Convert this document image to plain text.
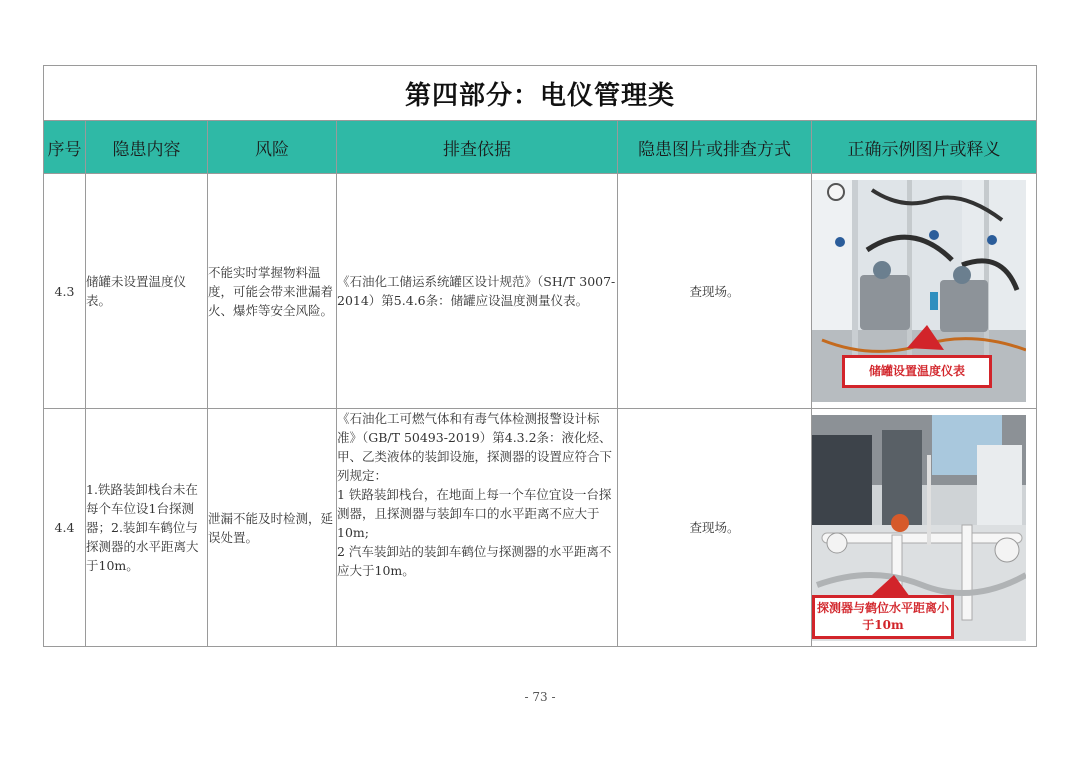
第四部分：电仪管理类					
序号	隐患内容	风险	排查依据	隐患图片或排查方式	正确示例图片或释义
4.3	储罐未设置温度仪表。	不能实时掌握物料温度，可能会带来泄漏着火、爆炸等安全风险。	《石油化工储运系统罐区设计规范》（SH/T 3007-2014）第5.4.6条：储罐应设温度测量仪表。	查现场。	储罐设置温度仪表

4.4	1.铁路装卸栈台未在每个车位设1台探测器；2.装卸车鹤位与探测器的水平距离大于10m。	泄漏不能及时检测，延误处置。	《石油化工可燃气体和有毒气体检测报警设计标准》（GB/T 50493-2019）第4.3.2条：液化烃、甲、乙类液体的装卸设施，探测器的设置应符合下列规定：
1 铁路装卸栈台，在地面上每一个车位宜设一台探测器，且探测器与装卸车口的水平距离不应大于10m;
2 汽车装卸站的装卸车鹤位与探测器的水平距离不应大于10m。	查现场。	探测器与鹤位水平距离小于10m
- 73 -
